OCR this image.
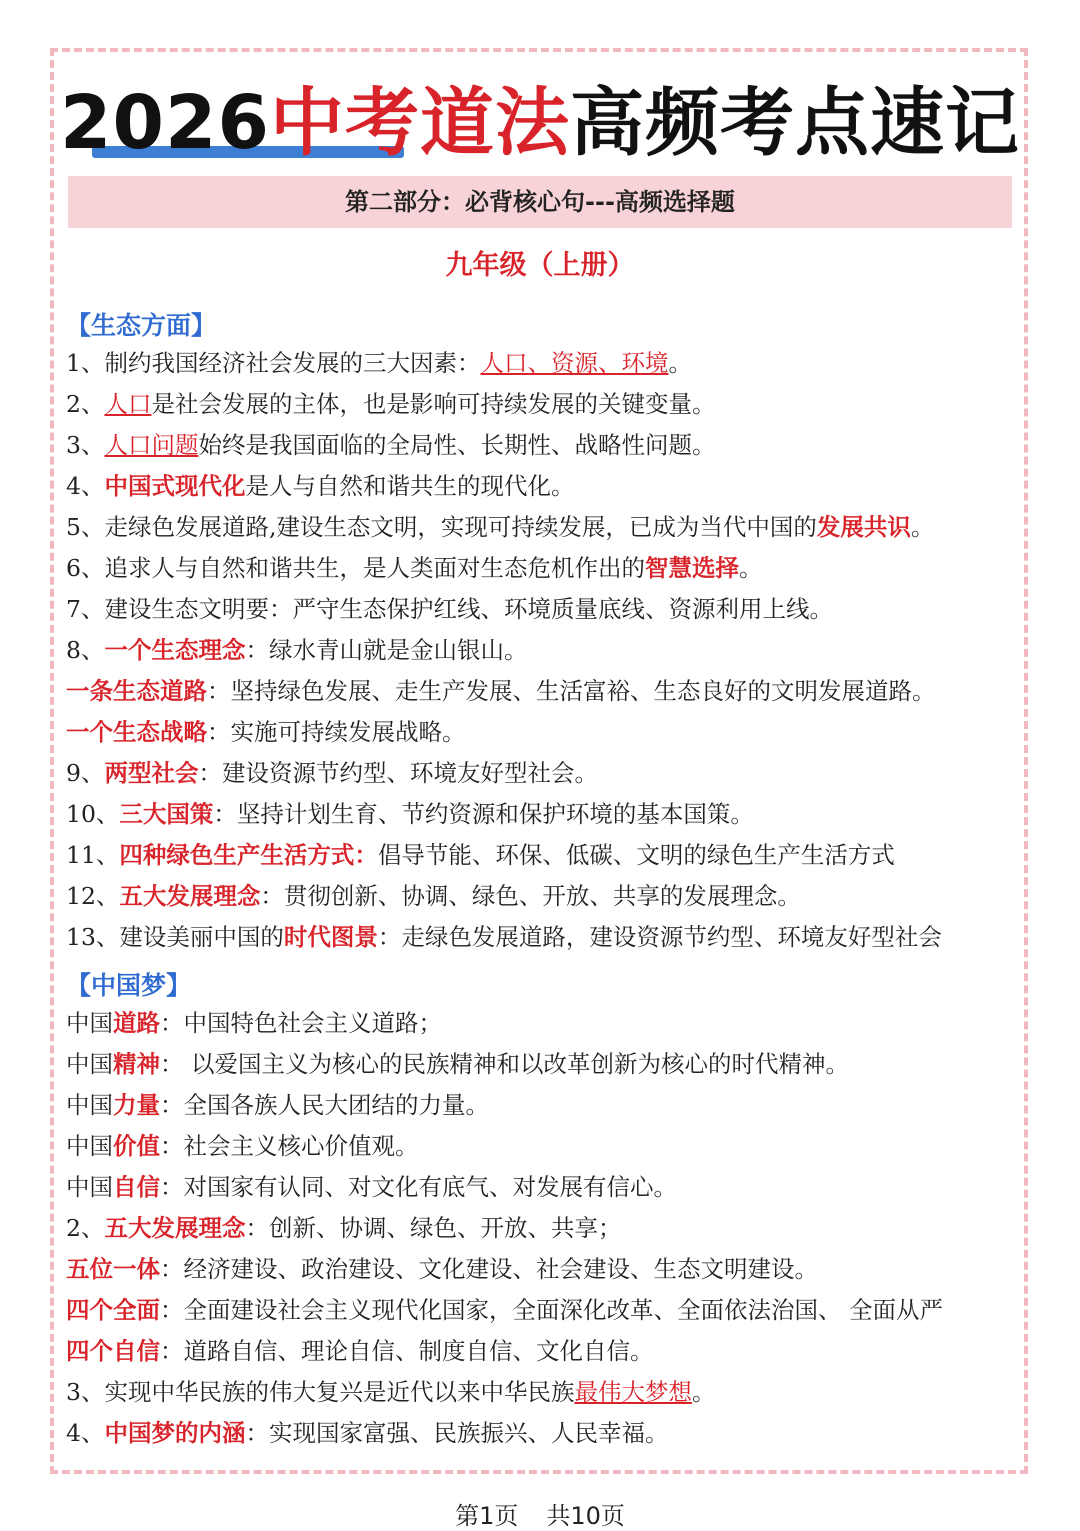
2026中考道法高频考点速记
第二部分：必背核心句---高频选择题
九年级（上册）
【生态方面】
1、制约我国经济社会发展的三大因素：人口、资源、环境。
2、人口是社会发展的主体，也是影响可持续发展的关键变量。
3、人口问题始终是我国面临的全局性、长期性、战略性问题。
4、中国式现代化是人与自然和谐共生的现代化。
5、走绿色发展道路,建设生态文明，实现可持续发展，已成为当代中国的发展共识。
6、追求人与自然和谐共生，是人类面对生态危机作出的智慧选择。
7、建设生态文明要：严守生态保护红线、环境质量底线、资源利用上线。
8、一个生态理念：绿水青山就是金山银山。
一条生态道路：坚持绿色发展、走生产发展、生活富裕、生态良好的文明发展道路。
一个生态战略：实施可持续发展战略。
9、两型社会：建设资源节约型、环境友好型社会。
10、三大国策：坚持计划生育、节约资源和保护环境的基本国策。
11、四种绿色生产生活方式：倡导节能、环保、低碳、文明的绿色生产生活方式
12、五大发展理念：贯彻创新、协调、绿色、开放、共享的发展理念。
13、建设美丽中国的时代图景：走绿色发展道路，建设资源节约型、环境友好型社会
【中国梦】
中国道路：中国特色社会主义道路；
中国精神： 以爱国主义为核心的民族精神和以改革创新为核心的时代精神。
中国力量：全国各族人民大团结的力量。
中国价值：社会主义核心价值观。
中国自信：对国家有认同、对文化有底气、对发展有信心。
2、五大发展理念：创新、协调、绿色、开放、共享；
五位一体：经济建设、政治建设、文化建设、社会建设、生态文明建设。
四个全面：全面建设社会主义现代化国家，全面深化改革、全面依法治国、 全面从严
四个自信：道路自信、理论自信、制度自信、文化自信。
3、实现中华民族的伟大复兴是近代以来中华民族最伟大梦想。
4、中国梦的内涵：实现国家富强、民族振兴、人民幸福。
第1页 共10页
